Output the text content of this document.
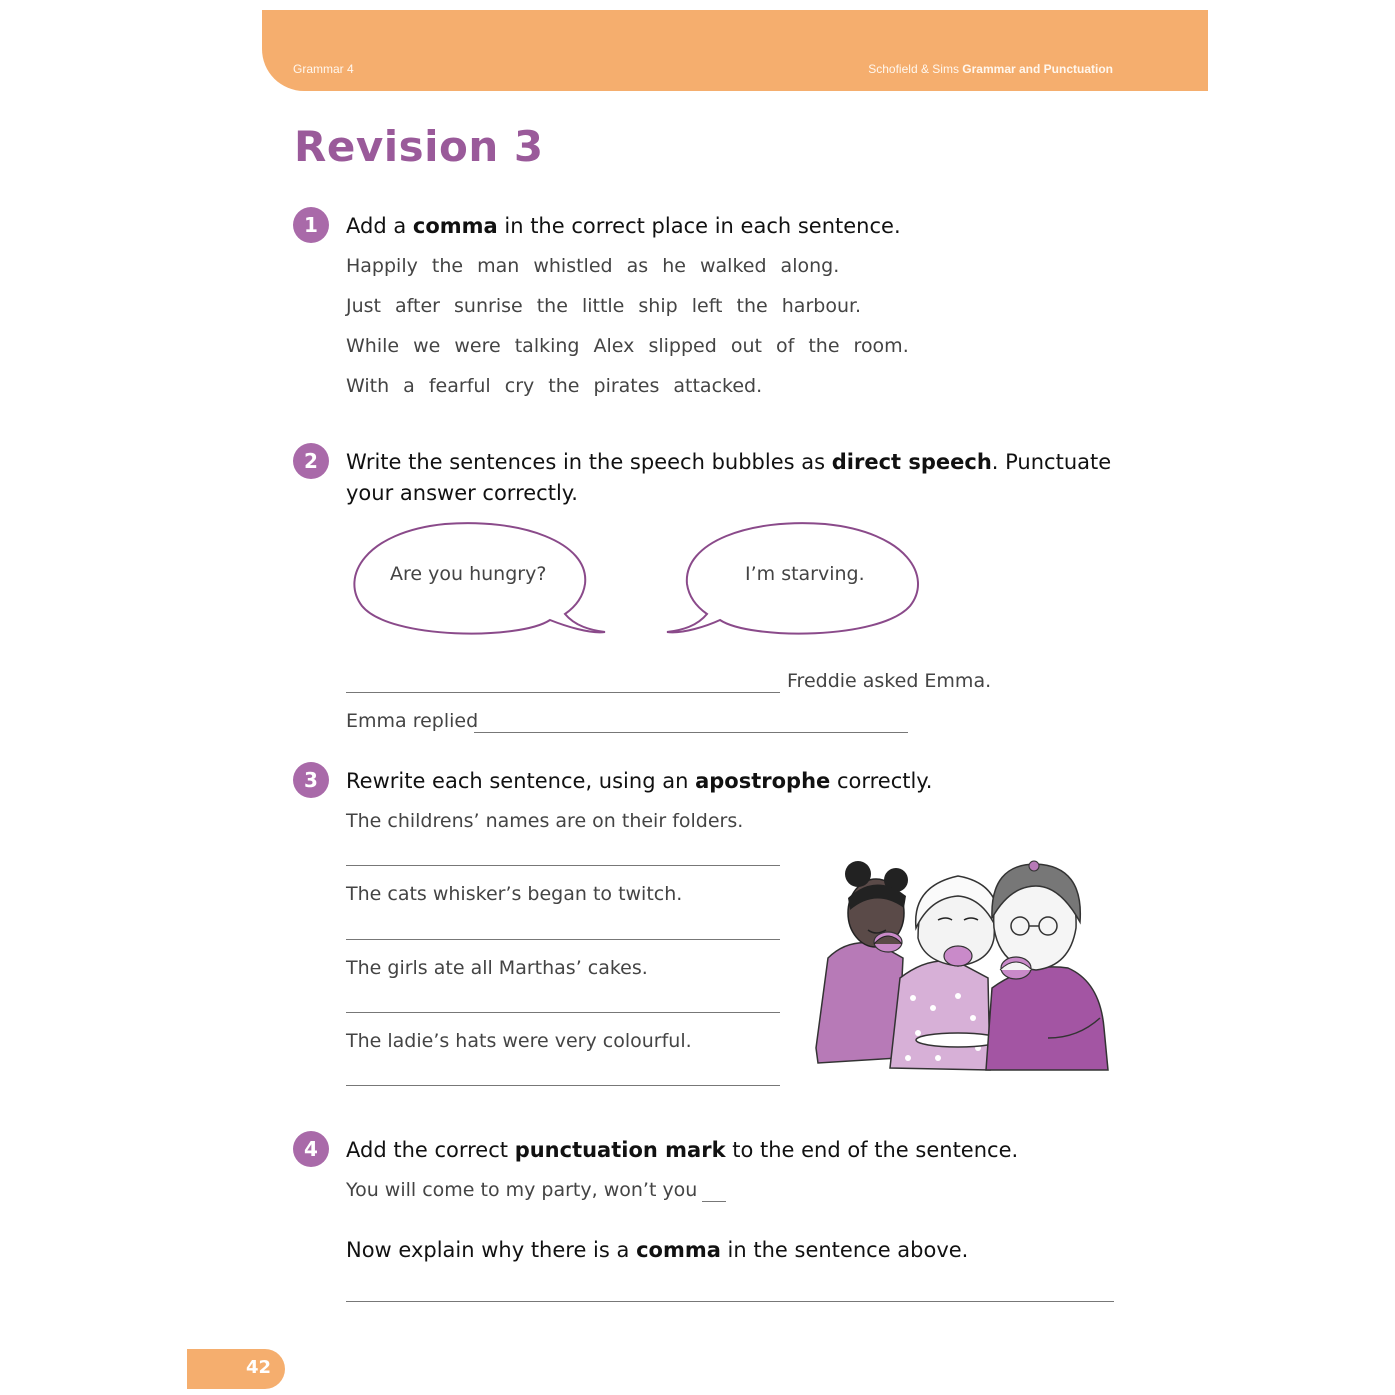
Grammar 4	Schofield & Sims Grammar and Punctuation
Revision 3
1	Add a comma in the correct place in each sentence.
Happily the man whistled as he walked along.
Just after sunrise the little ship left the harbour.
While we were talking Alex slipped out of the room.
With a fearful cry the pirates attacked.
2	Write the sentences in the speech bubbles as direct speech. Punctuate
your answer correctly.
Are you hungry?	I’m starving.
Freddie asked Emma.
Emma replied
3	Rewrite each sentence, using an apostrophe correctly.
The childrens’ names are on their folders.
The cats whisker’s began to twitch.
The girls ate all Marthas’ cakes.
The ladie’s hats were very colourful.
4	Add the correct punctuation mark to the end of the sentence.
You will come to my party, won’t you
Now explain why there is a comma in the sentence above.
42
